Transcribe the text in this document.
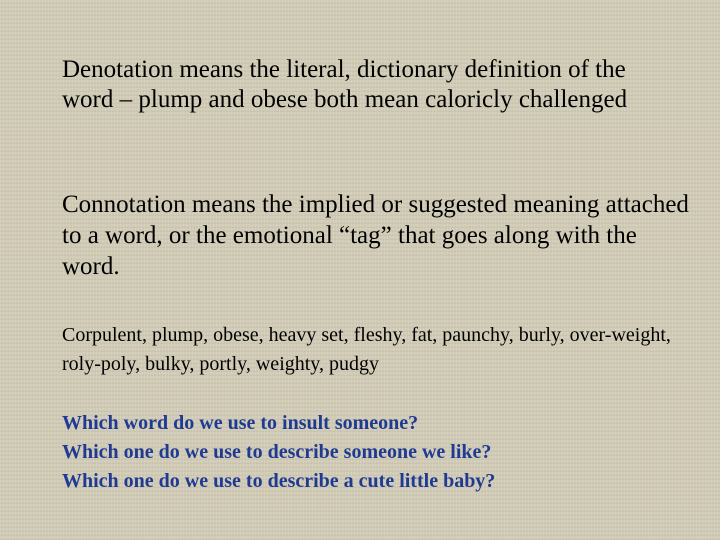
Denotation means the literal, dictionary definition of the word – plump and obese both mean caloricly challenged

Connotation means the implied or suggested meaning attached to a word, or the emotional “tag” that goes along with the word.

Corpulent, plump, obese, heavy set, fleshy, fat, paunchy, burly, over-weight, roly-poly, bulky, portly, weighty, pudgy

Which word do we use to insult someone?
Which one do we use to describe someone we like?
Which one do we use to describe a cute little baby?
